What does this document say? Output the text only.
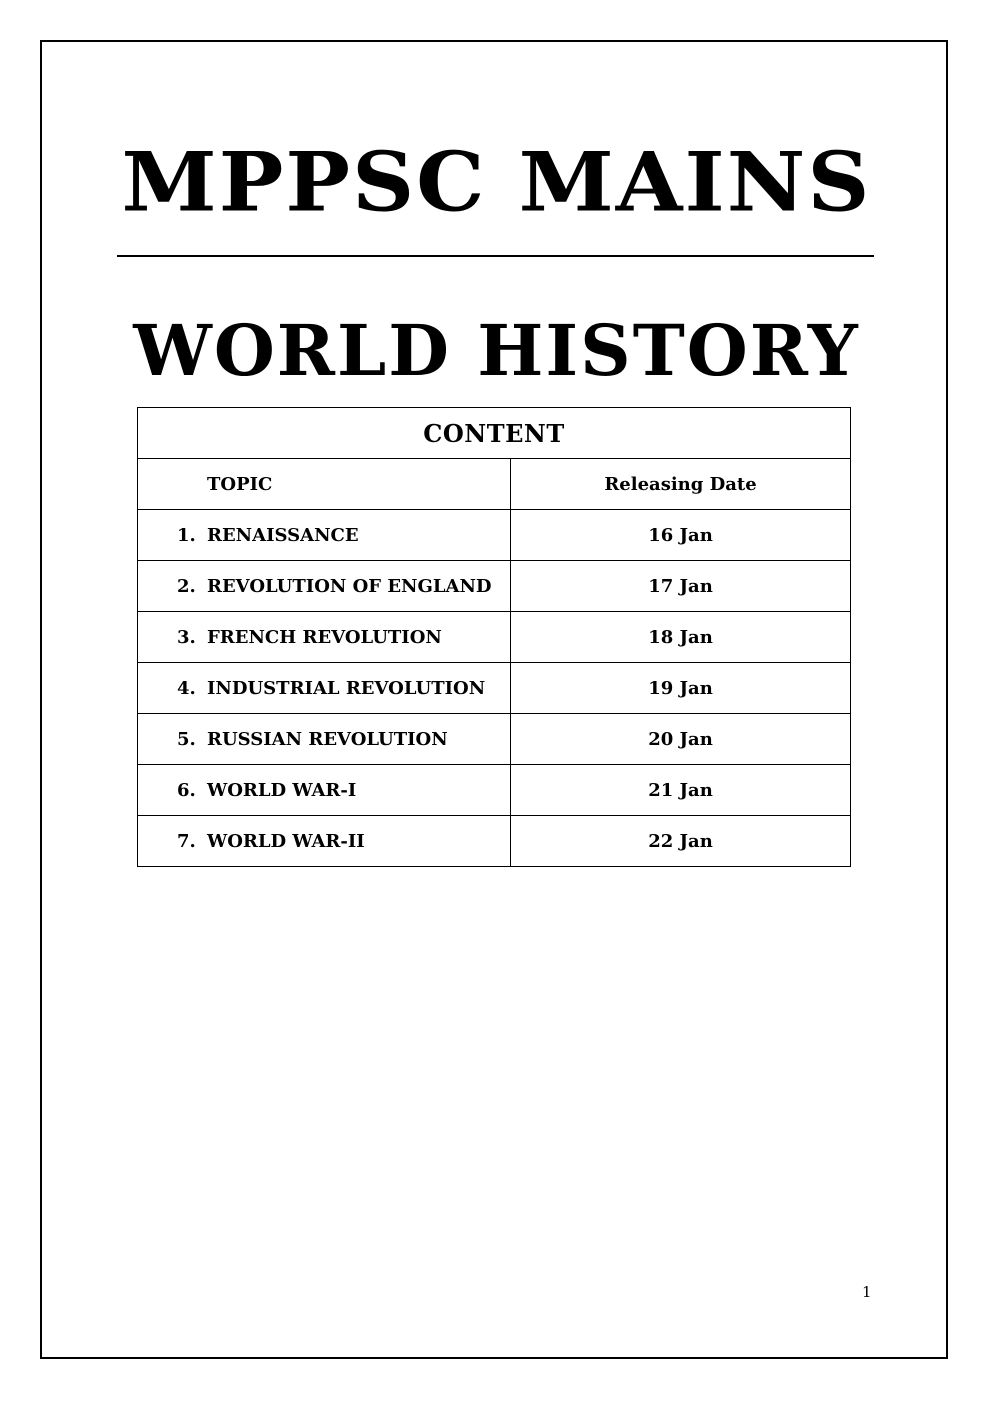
MPPSC MAINS
WORLD HISTORY
CONTENT	
TOPIC	Releasing Date
1. RENAISSANCE	16 Jan
2. REVOLUTION OF ENGLAND	17 Jan
3. FRENCH REVOLUTION	18 Jan
4. INDUSTRIAL REVOLUTION	19 Jan
5. RUSSIAN REVOLUTION	20 Jan
6. WORLD WAR-I	21 Jan
7. WORLD WAR-II	22 Jan
1
